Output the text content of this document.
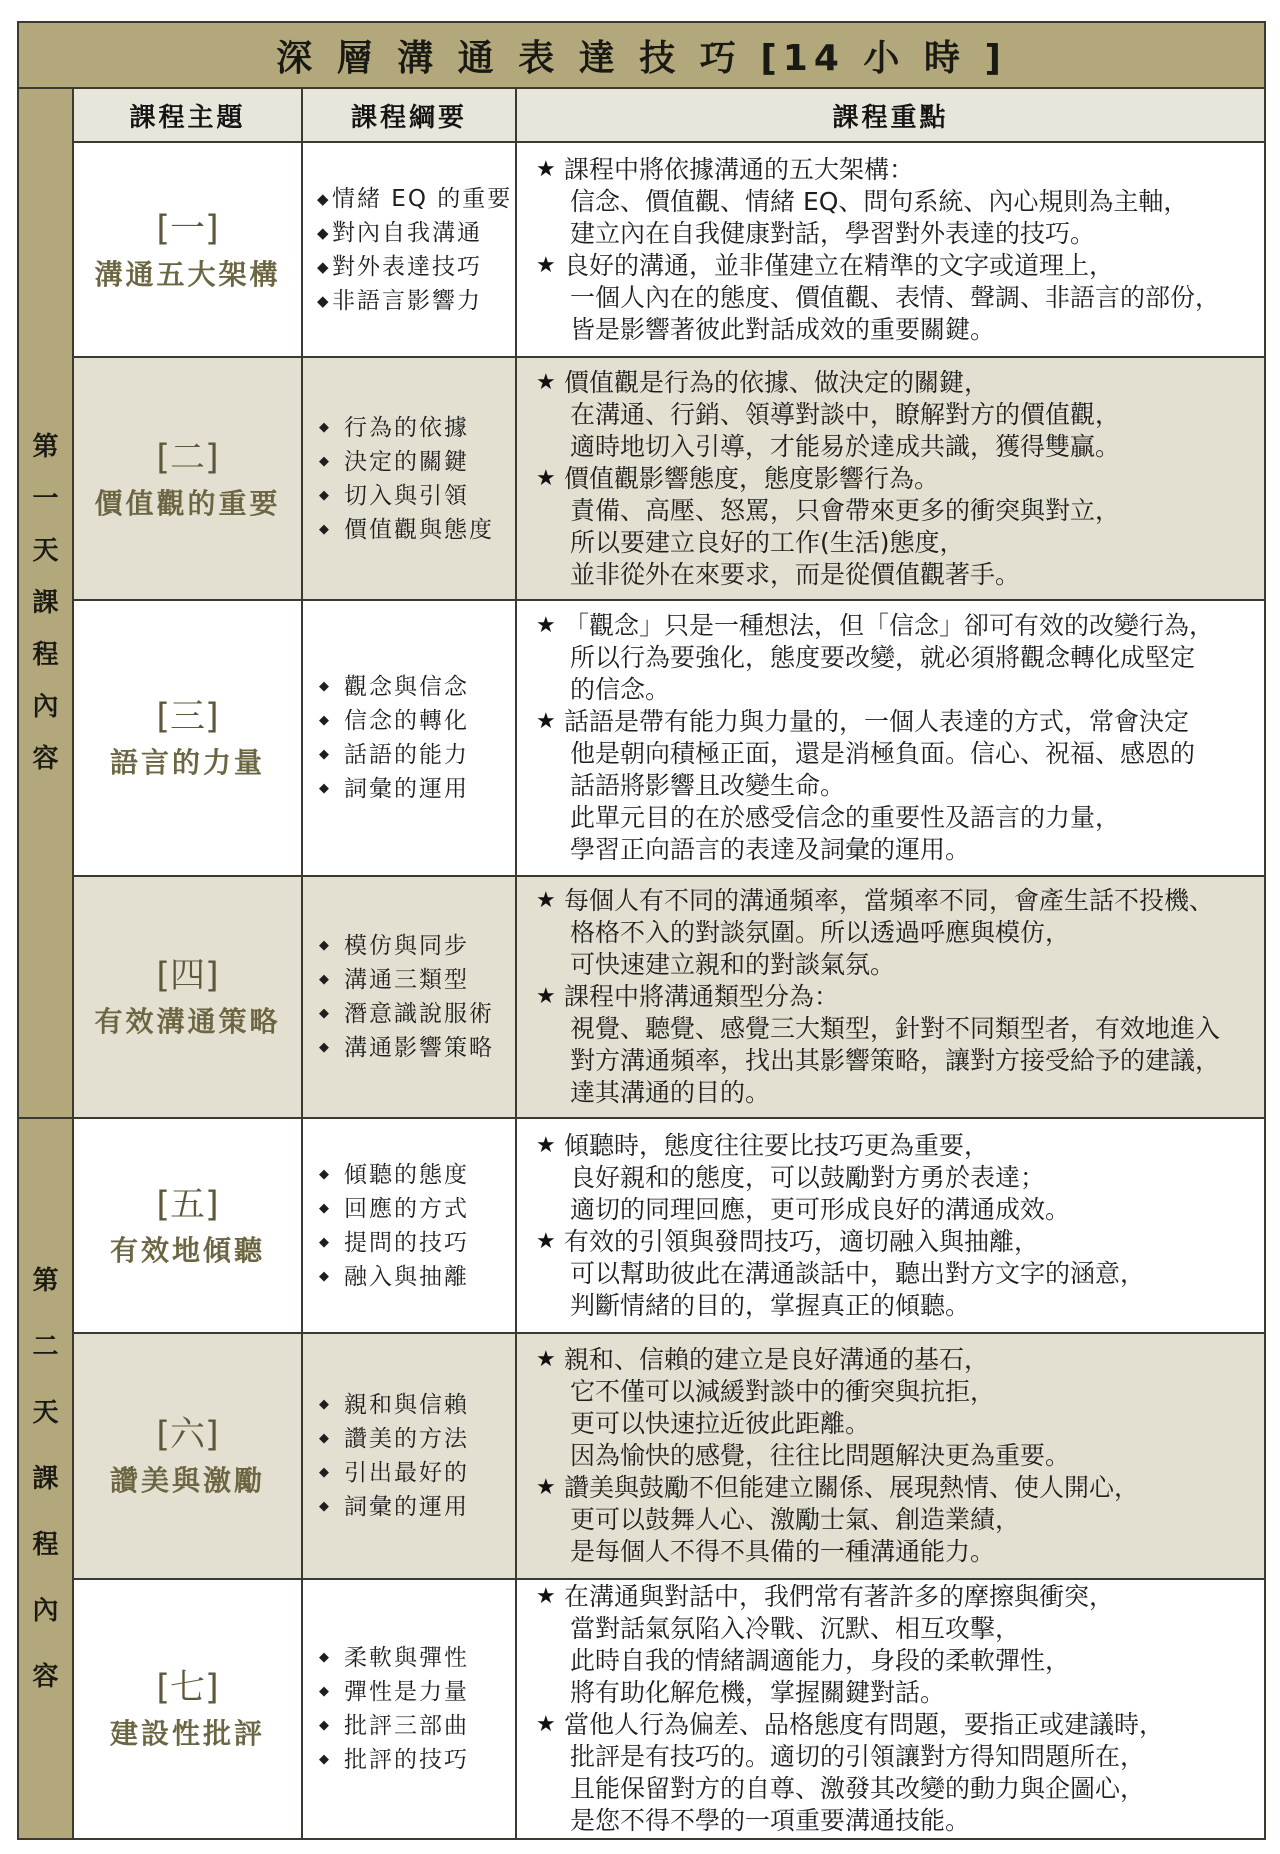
深 層 溝 通 表 達 技 巧 [14 小 時 ]
第一天課程內容
第二天課程內容
課程主題	課程綱要	課程重點
[一]
溝通五大架構
◆ 情緒 EQ 的重要
◆ 對內自我溝通
◆ 對外表達技巧
◆ 非語言影響力
★ 課程中將依據溝通的五大架構：
信念、價值觀、情緒 EQ、問句系統、內心規則為主軸，
建立內在自我健康對話，學習對外表達的技巧。
★ 良好的溝通，並非僅建立在精準的文字或道理上，
一個人內在的態度、價值觀、表情、聲調、非語言的部份，
皆是影響著彼此對話成效的重要關鍵。
[二]
價值觀的重要
◆ 行為的依據
◆ 決定的關鍵
◆ 切入與引領
◆ 價值觀與態度
★ 價值觀是行為的依據、做決定的關鍵，
在溝通、行銷、領導對談中，瞭解對方的價值觀，
適時地切入引導，才能易於達成共識，獲得雙贏。
★ 價值觀影響態度，態度影響行為。
責備、高壓、怒罵，只會帶來更多的衝突與對立，
所以要建立良好的工作(生活)態度，
並非從外在來要求，而是從價值觀著手。
[三]
語言的力量
◆ 觀念與信念
◆ 信念的轉化
◆ 話語的能力
◆ 詞彙的運用
★ 「觀念」只是一種想法，但「信念」卻可有效的改變行為，
所以行為要強化，態度要改變，就必須將觀念轉化成堅定
的信念。
★ 話語是帶有能力與力量的，一個人表達的方式，常會決定
他是朝向積極正面，還是消極負面。信心、祝福、感恩的
話語將影響且改變生命。
此單元目的在於感受信念的重要性及語言的力量，
學習正向語言的表達及詞彙的運用。
[四]
有效溝通策略
◆ 模仿與同步
◆ 溝通三類型
◆ 潛意識說服術
◆ 溝通影響策略
★ 每個人有不同的溝通頻率，當頻率不同，會產生話不投機、
格格不入的對談氛圍。所以透過呼應與模仿，
可快速建立親和的對談氣氛。
★ 課程中將溝通類型分為：
視覺、聽覺、感覺三大類型，針對不同類型者，有效地進入
對方溝通頻率，找出其影響策略，讓對方接受給予的建議，
達其溝通的目的。
[五]
有效地傾聽
◆ 傾聽的態度
◆ 回應的方式
◆ 提問的技巧
◆ 融入與抽離
★ 傾聽時，態度往往要比技巧更為重要，
良好親和的態度，可以鼓勵對方勇於表達；
適切的同理回應，更可形成良好的溝通成效。
★ 有效的引領與發問技巧，適切融入與抽離，
可以幫助彼此在溝通談話中，聽出對方文字的涵意，
判斷情緒的目的，掌握真正的傾聽。
[六]
讚美與激勵
◆ 親和與信賴
◆ 讚美的方法
◆ 引出最好的
◆ 詞彙的運用
★ 親和、信賴的建立是良好溝通的基石，
它不僅可以減緩對談中的衝突與抗拒，
更可以快速拉近彼此距離。
因為愉快的感覺，往往比問題解決更為重要。
★ 讚美與鼓勵不但能建立關係、展現熱情、使人開心，
更可以鼓舞人心、激勵士氣、創造業績，
是每個人不得不具備的一種溝通能力。
[七]
建設性批評
◆ 柔軟與彈性
◆ 彈性是力量
◆ 批評三部曲
◆ 批評的技巧
★ 在溝通與對話中，我們常有著許多的摩擦與衝突，
當對話氣氛陷入冷戰、沉默、相互攻擊，
此時自我的情緒調適能力，身段的柔軟彈性，
將有助化解危機，掌握關鍵對話。
★ 當他人行為偏差、品格態度有問題，要指正或建議時，
批評是有技巧的。適切的引領讓對方得知問題所在，
且能保留對方的自尊、激發其改變的動力與企圖心，
是您不得不學的一項重要溝通技能。
